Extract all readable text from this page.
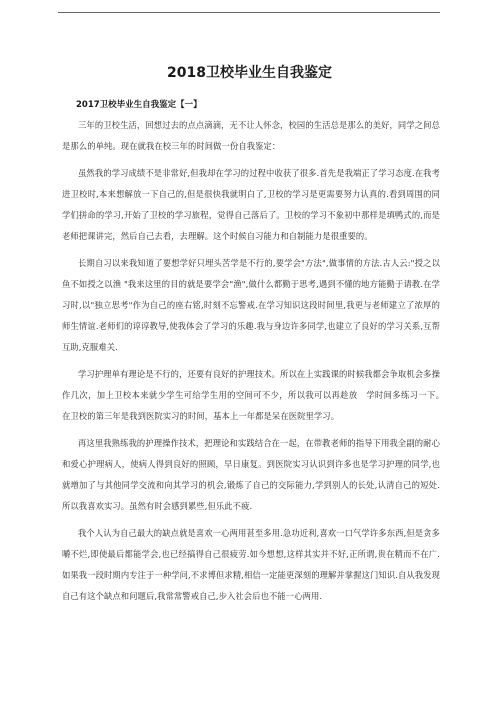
2018卫校毕业生自我鉴定
2017卫校毕业生自我鉴定【一】

三年的卫校生活，回想过去的点点滴滴，无不让人怀念，校园的生活总是那么的美好，同学之间总是那么的单纯。现在就我在校三年的时间做一份自我鉴定：

虽然我的学习成绩不是非常好,但我却在学习的过程中收获了很多.首先是我端正了学习态度.在我考进卫校时,本来想解放一下自己的,但是很快我就明白了,卫校的学习是更需要努力认真的.看到周围的同学们拼命的学习,开始了卫校的学习旅程，觉得自己落后了。卫校的学习不象初中那样是填鸭式的,而是老师把课讲完，然后自己去看，去理解。这个时候自习能力和自制能力是很重要的。

长期自习以来我知道了要想学好只埋头苦学是不行的,要学会"方法",做事情的方法.古人云:"授之以鱼不如授之以渔 "我来这里的目的就是要学会"渔",做什么都勤于思考,遇到不懂的地方能勤于请教.在学习时,以"独立思考"作为自己的座右铭,时刻不忘警戒.在学习知识这段时间里,我更与老师建立了浓厚的师生情谊.老师们的谆谆教导,使我体会了学习的乐趣.我与身边许多同学,也建立了良好的学习关系,互帮互助,克服难关.

学习护理单有理论是不行的，还要有良好的护理技术。所以在上实践课的时候我都会争取机会多操作几次，加上卫校本来就少学生可给学生用的空间可不少，所以我可以再趁放　学时间多练习一下。　在卫校的第三年是我到医院实习的时间，基本上一年都是呆在医院里学习。

再这里我熟练我的护理操作技术，把理论和实践结合在一起，在带教老师的指导下用我全副的耐心和爱心护理病人，使病人得到良好的照顾，早日康复。到医院实习认识到许多也是学习护理的同学,也就增加了与其他同学交流和向其学习的机会,锻炼了自己的交际能力,学到别人的长处,认清自己的短处.所以我喜欢实习。虽然有时会感到累些,但乐此不疲.

我个人认为自己最大的缺点就是喜欢一心两用甚至多用.急功近利,喜欢一口气学许多东西,但是贪多嚼不烂,即使最后都能学会,也已经搞得自己很疲劳.如今想想,这样其实并不好,正所谓,贵在精而不在广.如果我一段时期内专注于一种学问,不求博但求精,相信一定能更深刻的理解并掌握这门知识.自从我发现自己有这个缺点和问题后,我常常警戒自己,步入社会后也不能一心两用.
